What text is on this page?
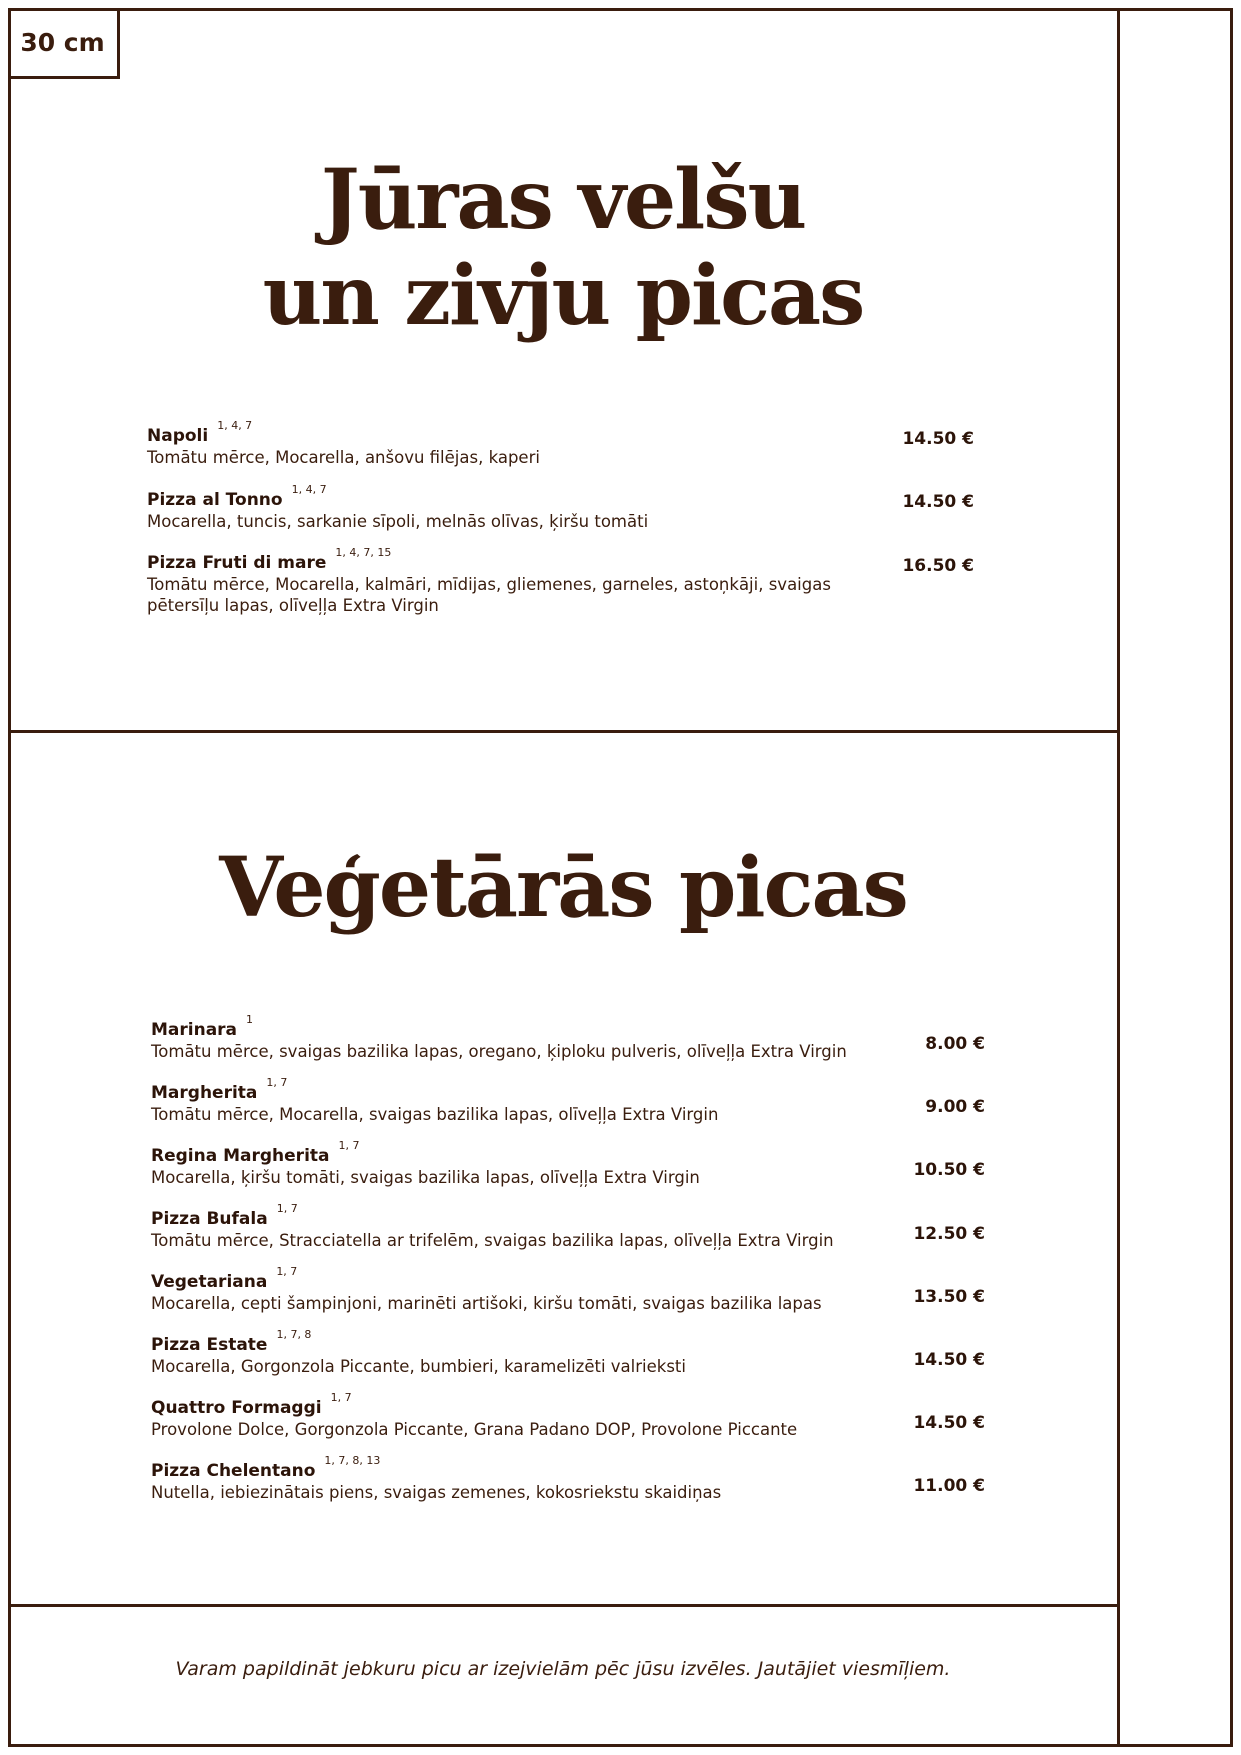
30 cm
Jūras velšu
un zivju picas
Napoli$^{1, 4, 7}$
Tomātu mērce, Mocarella, anšovu filējas, kaperi
14.50 €
Pizza al Tonno$^{1, 4, 7}$
Mocarella, tuncis, sarkanie sīpoli, melnās olīvas, ķiršu tomāti
14.50 €
Pizza Fruti di mare$^{1, 4, 7, 15}$
Tomātu mērce, Mocarella, kalmāri, mīdijas, gliemenes, garneles, astoņkāji, svaigas
pētersīļu lapas, olīveļļa Extra Virgin
16.50 €
Veģetārās picas
Marinara$^1$
Tomātu mērce, svaigas bazilika lapas, oregano, ķiploku pulveris, olīveļļa Extra Virgin	8.00 €
Margherita$^{1, 7}$
Tomātu mērce, Mocarella, svaigas bazilika lapas, olīveļļa Extra Virgin	9.00 €
Regina Margherita$^{1, 7}$
Mocarella, ķiršu tomāti, svaigas bazilika lapas, olīveļļa Extra Virgin	10.50 €
Pizza Bufala$^{1, 7}$
Tomātu mērce, Stracciatella ar trifelēm, svaigas bazilika lapas, olīveļļa Extra Virgin	12.50 €
Vegetariana$^{1, 7}$
Mocarella, cepti šampinjoni, marinēti artišoki, kiršu tomāti, svaigas bazilika lapas	13.50 €
Pizza Estate$^{1, 7, 8}$
Mocarella, Gorgonzola Piccante, bumbieri, karamelizēti valrieksti	14.50 €
Quattro Formaggi$^{1, 7}$
Provolone Dolce, Gorgonzola Piccante, Grana Padano DOP, Provolone Piccante	14.50 €
Pizza Chelentano$^{1, 7, 8, 13}$
Nutella, iebiezinātais piens, svaigas zemenes, kokosriekstu skaidiņas	11.00 €
Varam papildināt jebkuru picu ar izejvielām pēc jūsu izvēles. Jautājiet viesmīļiem.
